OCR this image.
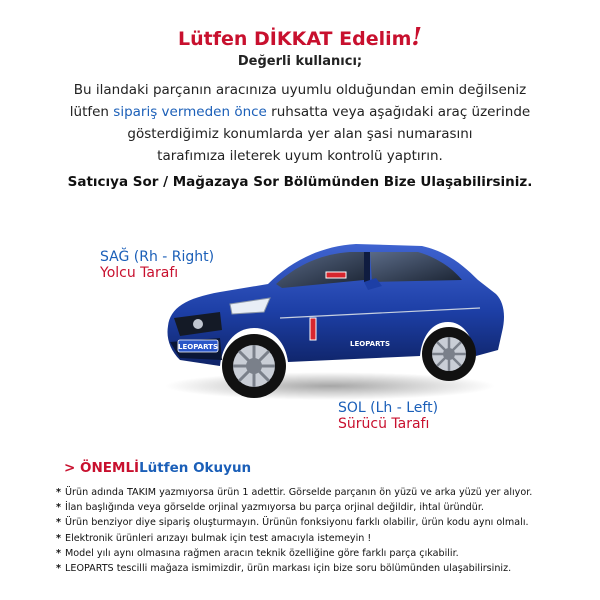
Lütfen DİKKAT Edelim!
Değerli kullanıcı;
Bu ilandaki parçanın aracınıza uyumlu olduğundan emin değilseniz
lütfen sipariş vermeden önce ruhsatta veya aşağıdaki araç üzerinde
gösterdiğimiz konumlarda yer alan şasi numarasını
tarafımıza ileterek uyum kontrolü yaptırın.
Satıcıya Sor / Mağazaya Sor Bölümünden Bize Ulaşabilirsiniz.
SAĞ (Rh - Right)
Yolcu Tarafı
LEOPARTS	LEOPARTS
SOL (Lh - Left)
Sürücü Tarafı
> ÖNEMLİLütfen Okuyun
* Ürün adında TAKIM yazmıyorsa ürün 1 adettir. Görselde parçanın ön yüzü ve arka yüzü yer alıyor.
* İlan başlığında veya görselde orjinal yazmıyorsa bu parça orjinal değildir, ihtal üründür.
* Ürün benziyor diye sipariş oluşturmayın. Ürünün fonksiyonu farklı olabilir, ürün kodu aynı olmalı.
* Elektronik ürünleri arızayı bulmak için test amacıyla istemeyin !
* Model yılı aynı olmasına rağmen aracın teknik özelliğine göre farklı parça çıkabilir.
* LEOPARTS tescilli mağaza ismimizdir, ürün markası için bize soru bölümünden ulaşabilirsiniz.
